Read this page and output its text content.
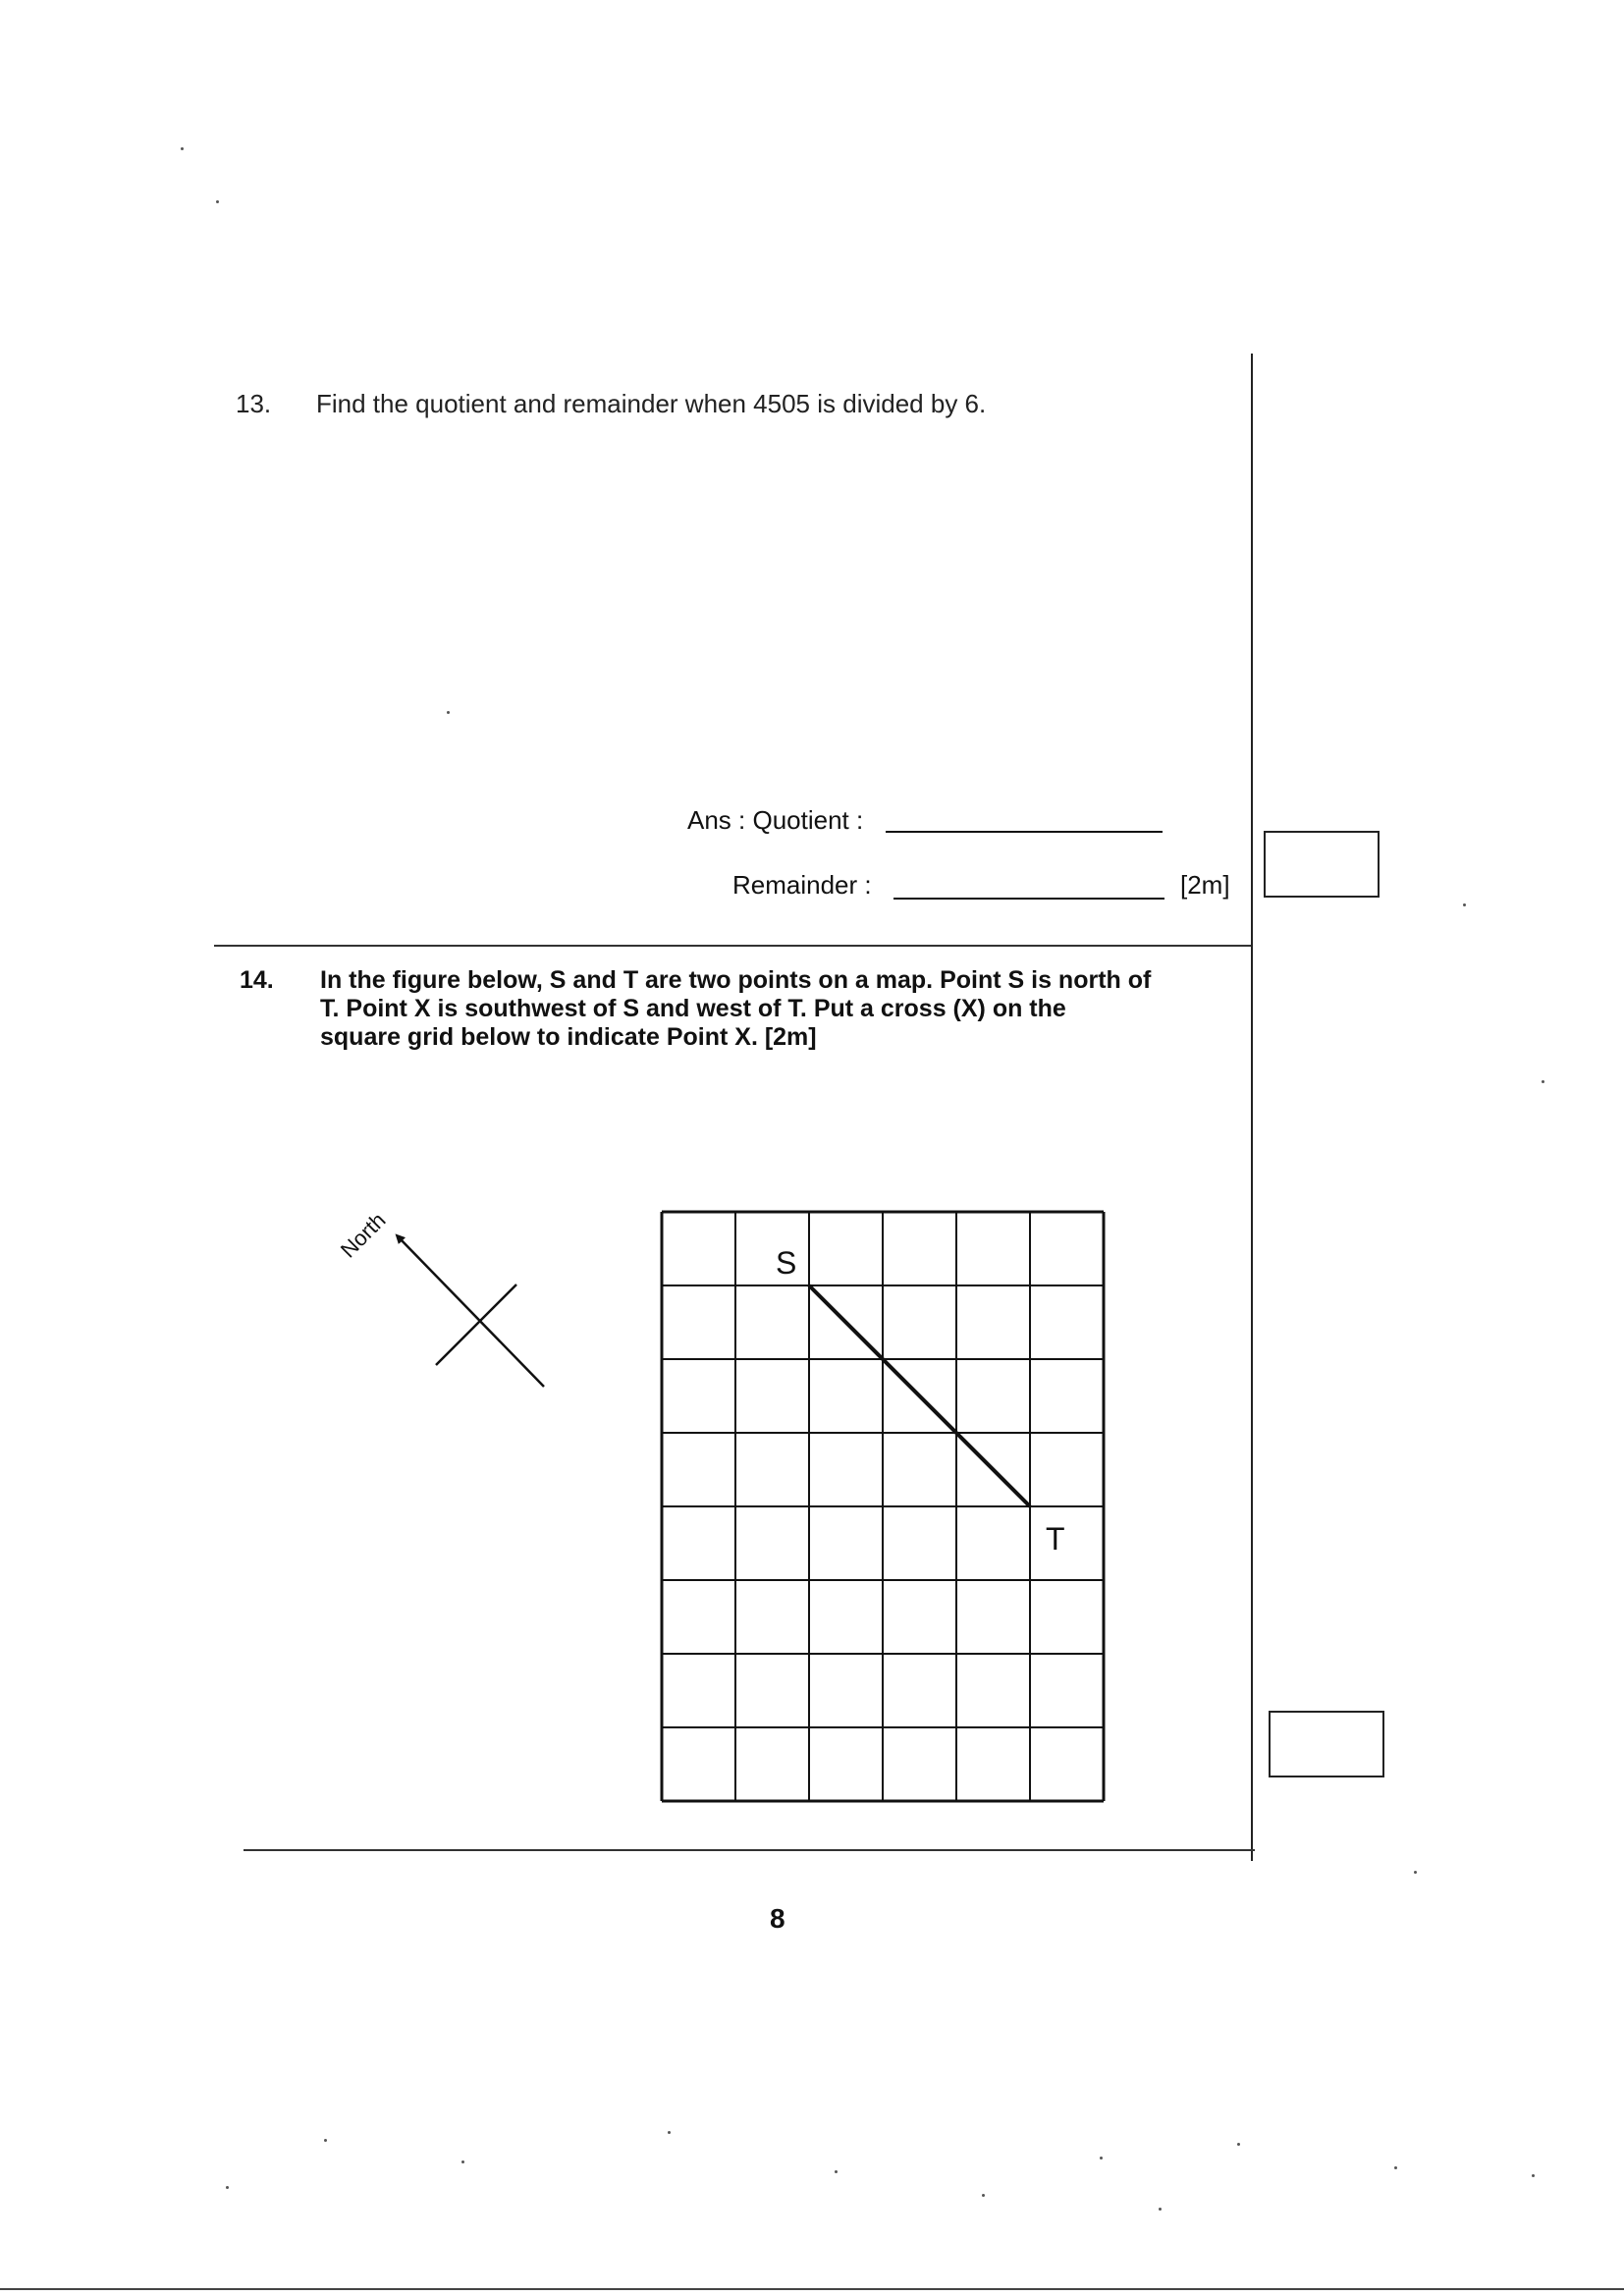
13. Find the quotient and remainder when 4505 is divided by 6.
Ans : Quotient :
Remainder :	[2m]
14. In the figure below, S and T are two points on a map. Point S is north of
T. Point X is southwest of S and west of T. Put a cross (X) on the
square grid below to indicate Point X. [2m]
North
S
T
8
